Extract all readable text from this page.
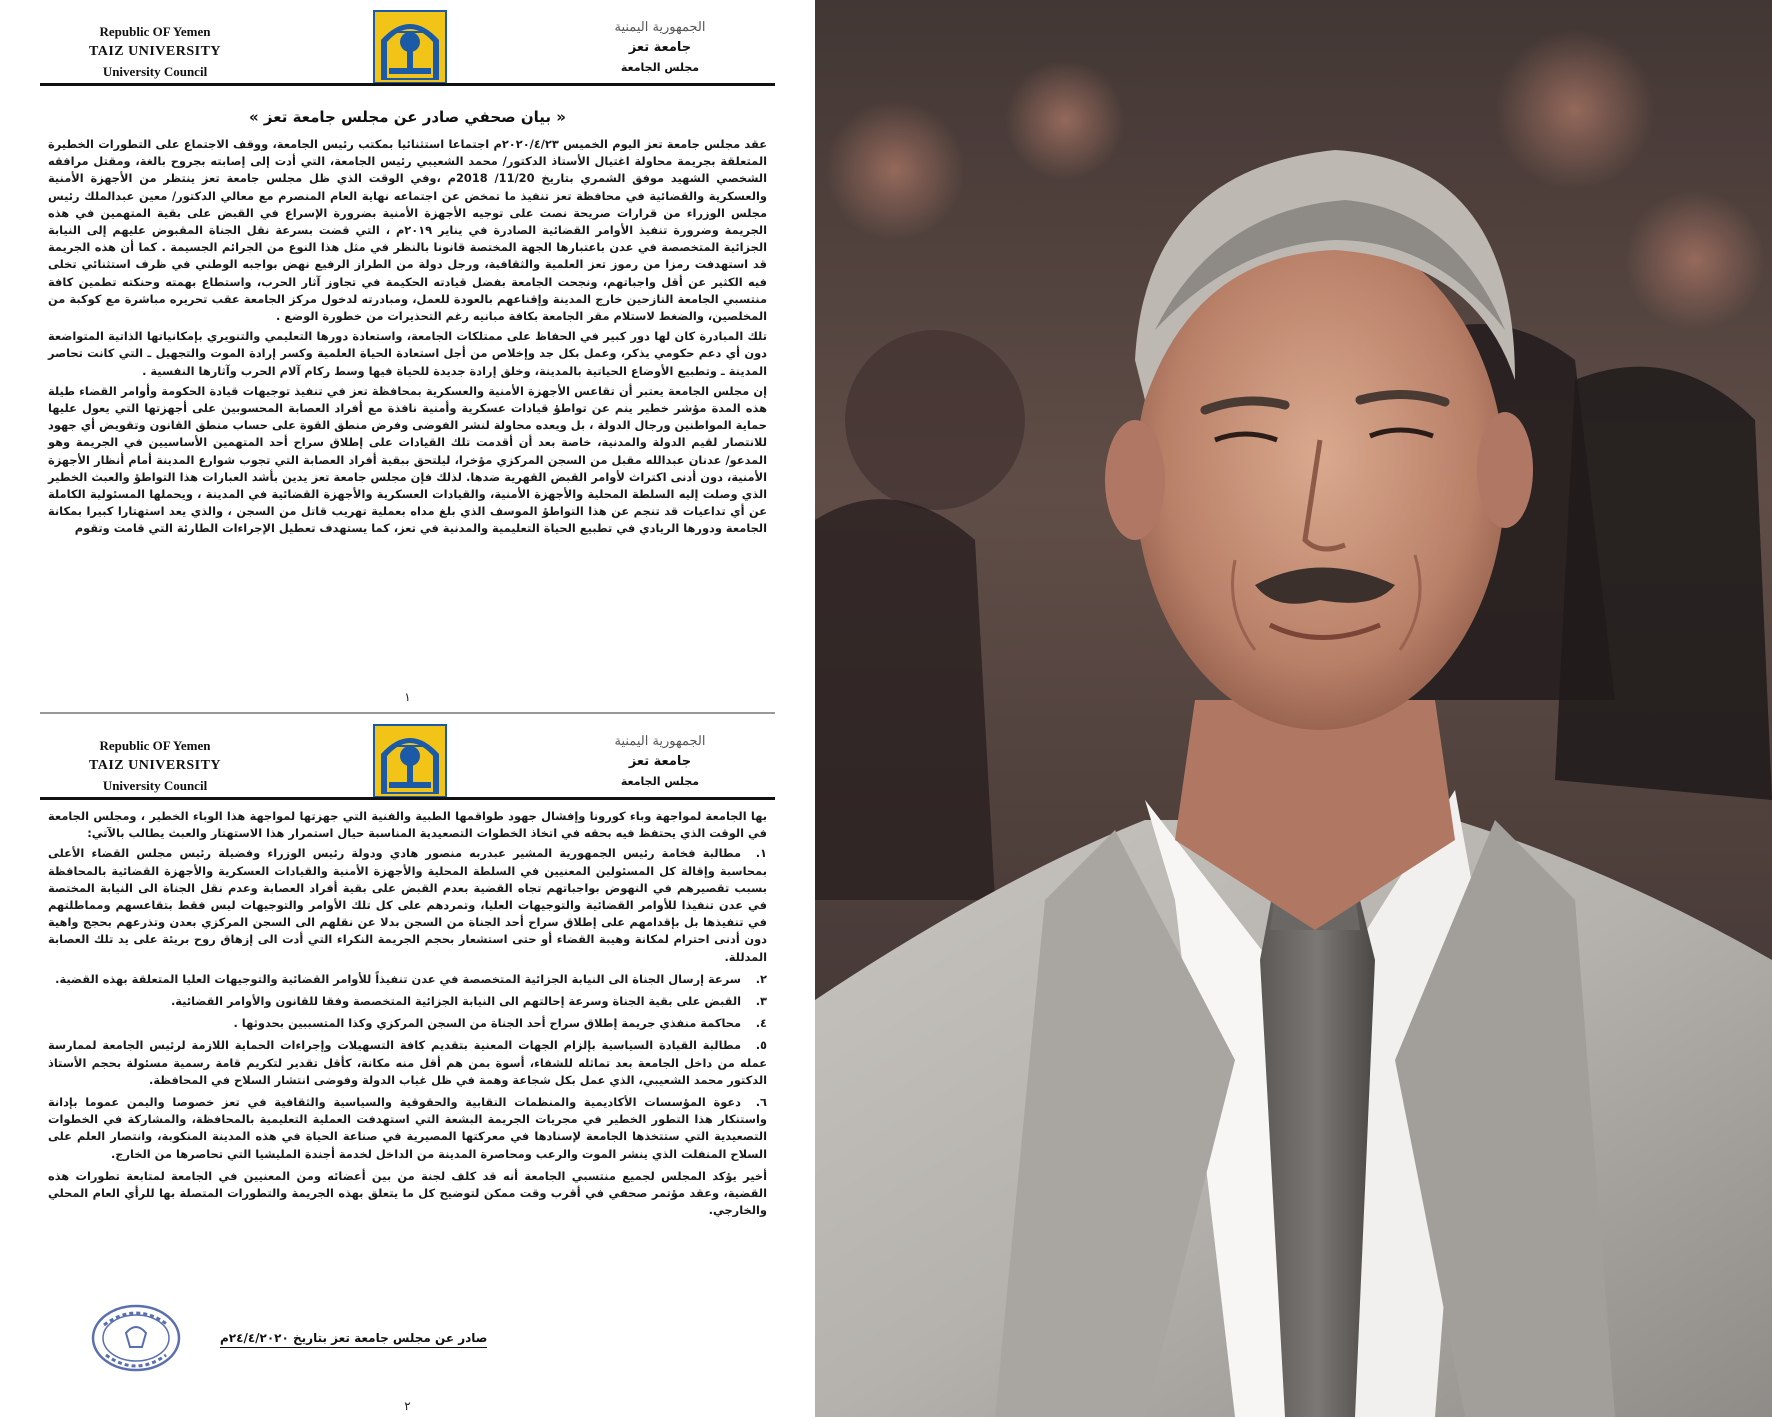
Republic OF Yemen
TAIZ UNIVERSITY
University Council
الجمهورية اليمنية
جامعة تعز
مجلس الجامعة
« بيان صحفي صادر عن مجلس جامعة تعز »

عقد مجلس جامعة تعز اليوم الخميس ٢٠٢٠/٤/٢٣م اجتماعا استثنائيا بمكتب رئيس الجامعة، ووقف الاجتماع على التطورات الخطيرة المتعلقة بجريمة محاولة اغتيال الأستاذ الدكتور/ محمد الشعيبي رئيس الجامعة، التي أدت إلى إصابته بجروح بالغة، ومقتل مرافقه الشخصي الشهيد موفق الشمري بتاريخ 11/20/ 2018م ،وفي الوقت الذي ظل مجلس جامعة تعز ينتظر من الأجهزة الأمنية والعسكرية والقضائية في محافظة تعز تنفيذ ما تمخض عن اجتماعه نهاية العام المنصرم مع معالي الدكتور/ معين عبدالملك رئيس مجلس الوزراء من قرارات صريحة نصت على توجيه الأجهزة الأمنية بضرورة الإسراع في القبض على بقية المتهمين في هذه الجريمة وضرورة تنفيذ الأوامر القضائية الصادرة في يناير ٢٠١٩م ، التي قضت بسرعة نقل الجناة المقبوض عليهم إلى النيابة الجزائية المتخصصة في عدن باعتبارها الجهة المختصة قانونا بالنظر في مثل هذا النوع من الجرائم الجسيمة . كما أن هذه الجريمة قد استهدفت رمزا من رموز تعز العلمية والثقافية، ورجل دولة من الطراز الرفيع نهض بواجبه الوطني في ظرف استثنائي تخلى فيه الكثير عن أقل واجباتهم، ونجحت الجامعة بفضل قيادته الحكيمة في تجاوز آثار الحرب، واستطاع بهمته وحنكته تطمين كافة منتسبي الجامعة النازحين خارج المدينة وإقناعهم بالعودة للعمل، ومبادرته لدخول مركز الجامعة عقب تحريره مباشرة مع كوكبة من المخلصين، والضغط لاستلام مقر الجامعة بكافة مبانيه رغم التحذيرات من خطورة الوضع .

تلك المبادرة كان لها دور كبير في الحفاظ على ممتلكات الجامعة، واستعادة دورها التعليمي والتنويري بإمكانياتها الذاتية المتواضعة دون أي دعم حكومي يذكر، وعمل بكل جد وإخلاص من أجل استعادة الحياة العلمية وكسر إرادة الموت والتجهيل ـ التي كانت تحاصر المدينة ـ وتطبيع الأوضاع الحياتية بالمدينة، وخلق إرادة جديدة للحياة فيها وسط ركام آلام الحرب وآثارها النفسية .

إن مجلس الجامعة يعتبر أن تقاعس الأجهزة الأمنية والعسكرية بمحافظة تعز في تنفيذ توجيهات قيادة الحكومة وأوامر القضاء طيلة هذه المدة مؤشر خطير ينم عن تواطؤ قيادات عسكرية وأمنية نافذة مع أفراد العصابة المحسوبين على أجهزتها التي يعول عليها حماية المواطنين ورجال الدولة ، بل ويعده محاولة لنشر الفوضى وفرض منطق القوة على حساب منطق القانون وتقويض أي جهود للانتصار لقيم الدولة والمدنية، خاصة بعد أن أقدمت تلك القيادات على إطلاق سراح أحد المتهمين الأساسيين في الجريمة وهو المدعو/ عدنان عبدالله مقبل من السجن المركزي مؤخرا، ليلتحق ببقية أفراد العصابة التي تجوب شوارع المدينة أمام أنظار الأجهزة الأمنية، دون أدنى اكتراث لأوامر القبض القهرية ضدها. لذلك فإن مجلس جامعة تعز يدين بأشد العبارات هذا التواطؤ والعبث الخطير الذي وصلت إليه السلطة المحلية والأجهزة الأمنية، والقيادات العسكرية والأجهزة القضائية في المدينة ، ويحملها المسئولية الكاملة عن أي تداعيات قد تنجم عن هذا التواطؤ الموسف الذي بلغ مداه بعملية تهريب قاتل من السجن ، والذي يعد استهتارا كبيرا بمكانة الجامعة ودورها الريادي في تطبيع الحياة التعليمية والمدنية في تعز، كما يستهدف تعطيل الإجراءات الطارئة التي قامت وتقوم

١
Republic OF Yemen
TAIZ UNIVERSITY
University Council
الجمهورية اليمنية
جامعة تعز
مجلس الجامعة

بها الجامعة لمواجهة وباء كورونا وإفشال جهود طواقمها الطبية والفنية التي جهزتها لمواجهة هذا الوباء الخطير ، ومجلس الجامعة في الوقت الذي يحتفظ فيه بحقه في اتخاذ الخطوات التصعيدية المناسبة حيال استمرار هذا الاستهتار والعبث يطالب بالآتي:

١.مطالبة فخامة رئيس الجمهورية المشير عبدربه منصور هادي ودولة رئيس الوزراء وفضيلة رئيس مجلس القضاء الأعلى بمحاسبة وإقالة كل المسئولين المعنيين في السلطة المحلية والأجهزة الأمنية والقيادات العسكرية والأجهزة القضائية بالمحافظة بسبب تقصيرهم في النهوض بواجباتهم تجاه القضية بعدم القبض على بقية أفراد العصابة وعدم نقل الجناة الى النيابة المختصة في عدن تنفيذا للأوامر القضائية والتوجيهات العليا، وتمردهم على كل تلك الأوامر والتوجيهات ليس فقط بتقاعسهم ومماطلتهم في تنفيذها بل بإقدامهم على إطلاق سراح أحد الجناة من السجن بدلا عن نقلهم الى السجن المركزي بعدن وتذرعهم بحجج واهية دون أدنى احترام لمكانة وهيبة القضاء أو حتى استشعار بحجم الجريمة النكراء التي أدت الى إزهاق روح بريئة على يد تلك العصابة المدللة.
٢.سرعة إرسال الجناة الى النيابة الجزائية المتخصصة في عدن تنفيذاً للأوامر القضائية والتوجيهات العليا المتعلقة بهذه القضية.
٣.القبض على بقية الجناة وسرعة إحالتهم الى النيابة الجزائية المتخصصة وفقا للقانون والأوامر القضائية.
٤.محاكمة منفذي جريمة إطلاق سراح أحد الجناة من السجن المركزي وكذا المتسببين بحدوثها .
٥.مطالبة القيادة السياسية بإلزام الجهات المعنية بتقديم كافة التسهيلات وإجراءات الحماية اللازمة لرئيس الجامعة لممارسة عمله من داخل الجامعة بعد تماثله للشفاء، أسوة بمن هم أقل منه مكانة، كأقل تقدير لتكريم قامة رسمية مسئولة بحجم الأستاذ الدكتور محمد الشعيبي، الذي عمل بكل شجاعة وهمة في ظل غياب الدولة وفوضى انتشار السلاح في المحافظة.
٦.دعوة المؤسسات الأكاديمية والمنظمات النقابية والحقوقية والسياسية والثقافية في تعز خصوصا واليمن عموما بإدانة واستنكار هذا التطور الخطير في مجريات الجريمة البشعة التي استهدفت العملية التعليمية بالمحافظة، والمشاركة في الخطوات التصعيدية التي ستتخذها الجامعة لإسنادها في معركتها المصيرية في صناعة الحياة في هذه المدينة المنكوبة، وانتصار العلم على السلاح المنفلت الذي ينشر الموت والرعب ومحاصرة المدينة من الداخل لخدمة أجندة المليشيا التي تحاصرها من الخارج.

أخير يؤكد المجلس لجميع منتسبي الجامعة أنه قد كلف لجنة من بين أعضائه ومن المعنيين في الجامعة لمتابعة تطورات هذه القضية، وعقد مؤتمر صحفي في أقرب وقت ممكن لتوضيح كل ما يتعلق بهذه الجريمة والتطورات المتصلة بها للرأي العام المحلي والخارجي.

صادر عن مجلس جامعة تعز بتاريخ ٢٤/٤/٢٠٢٠م
٢
